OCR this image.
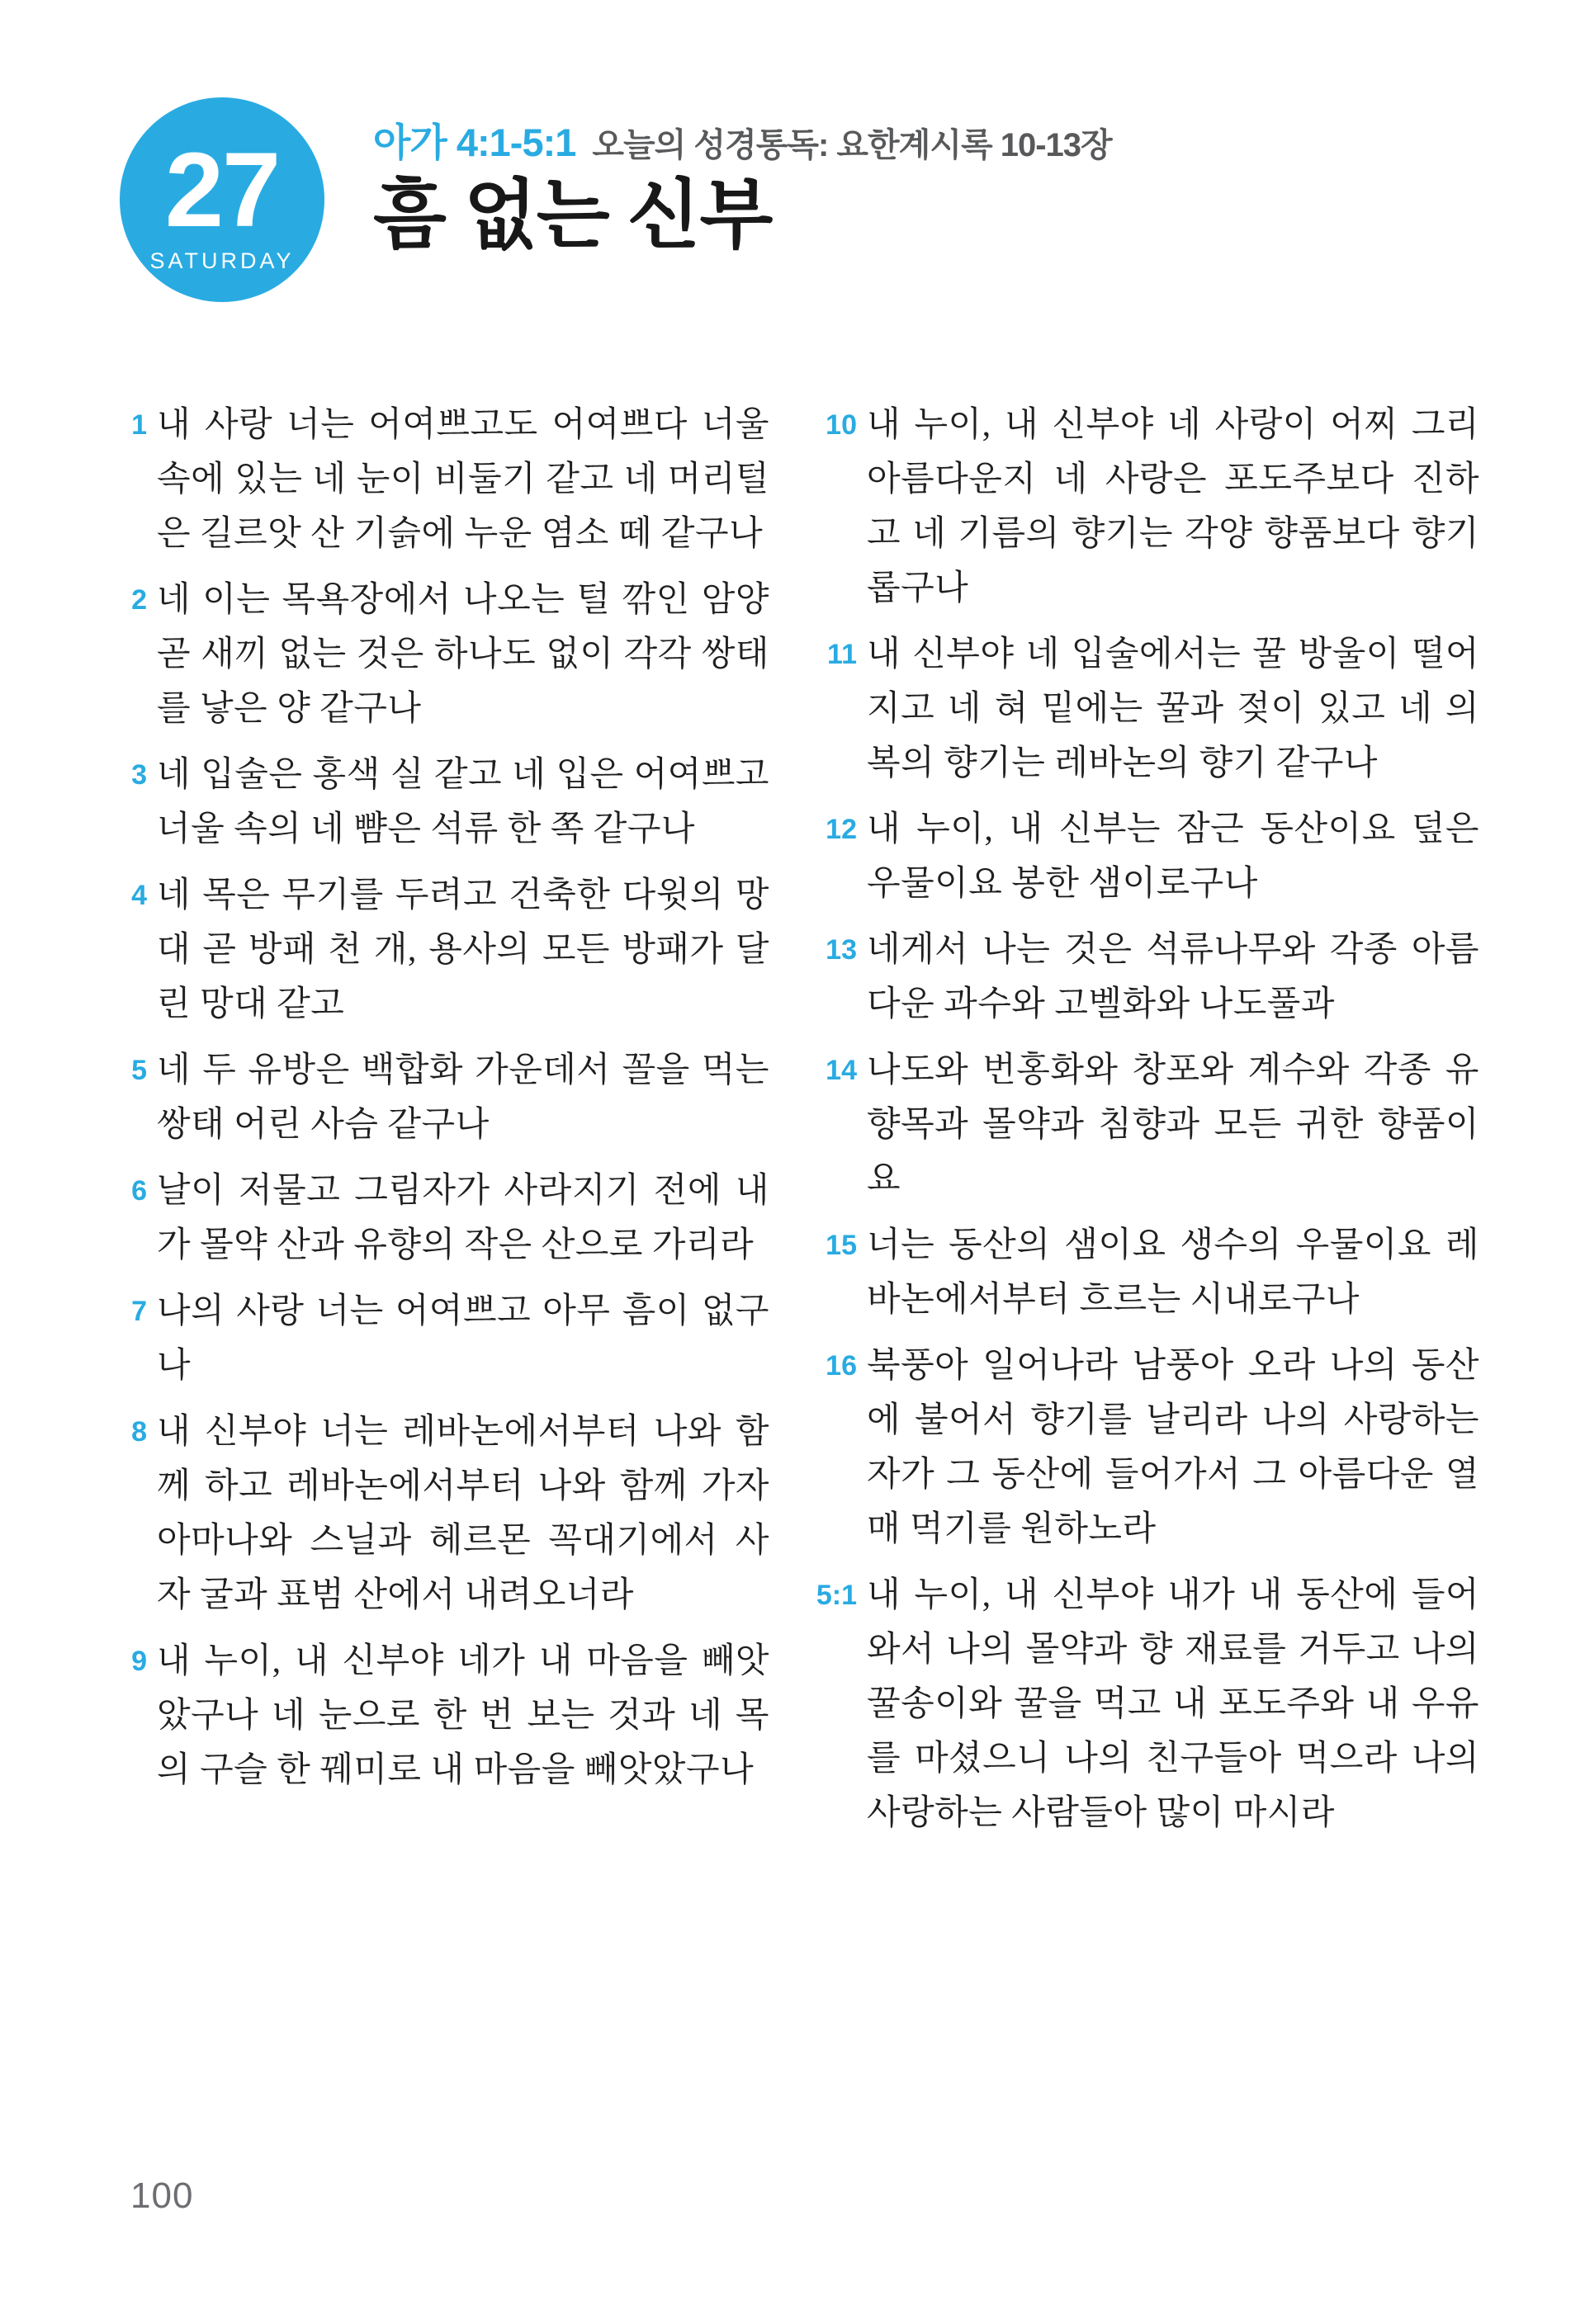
27
SATURDAY
아가 4:1-5:1 오늘의 성경통독: 요한계시록 10-13장
흠 없는 신부
1 내 사랑 너는 어여쁘고도 어여쁘다 너울 속에 있는 네 눈이 비둘기 같고 네 머리털은 길르앗 산 기슭에 누운 염소 떼 같구나
2 네 이는 목욕장에서 나오는 털 깎인 암양 곧 새끼 없는 것은 하나도 없이 각각 쌍태를 낳은 양 같구나
3 네 입술은 홍색 실 같고 네 입은 어여쁘고 너울 속의 네 뺨은 석류 한 쪽 같구나
4 네 목은 무기를 두려고 건축한 다윗의 망대 곧 방패 천 개, 용사의 모든 방패가 달린 망대 같고
5 네 두 유방은 백합화 가운데서 꼴을 먹는 쌍태 어린 사슴 같구나
6 날이 저물고 그림자가 사라지기 전에 내가 몰약 산과 유향의 작은 산으로 가리라
7 나의 사랑 너는 어여쁘고 아무 흠이 없구나
8 내 신부야 너는 레바논에서부터 나와 함께 하고 레바논에서부터 나와 함께 가자 아마나와 스닐과 헤르몬 꼭대기에서 사자 굴과 표범 산에서 내려오너라
9 내 누이, 내 신부야 네가 내 마음을 빼앗았구나 네 눈으로 한 번 보는 것과 네 목의 구슬 한 꿰미로 내 마음을 빼앗았구나
10 내 누이, 내 신부야 네 사랑이 어찌 그리 아름다운지 네 사랑은 포도주보다 진하고 네 기름의 향기는 각양 향품보다 향기롭구나
11 내 신부야 네 입술에서는 꿀 방울이 떨어지고 네 혀 밑에는 꿀과 젖이 있고 네 의복의 향기는 레바논의 향기 같구나
12 내 누이, 내 신부는 잠근 동산이요 덮은 우물이요 봉한 샘이로구나
13 네게서 나는 것은 석류나무와 각종 아름다운 과수와 고벨화와 나도풀과
14 나도와 번홍화와 창포와 계수와 각종 유향목과 몰약과 침향과 모든 귀한 향품이요
15 너는 동산의 샘이요 생수의 우물이요 레바논에서부터 흐르는 시내로구나
16 북풍아 일어나라 남풍아 오라 나의 동산에 불어서 향기를 날리라 나의 사랑하는 자가 그 동산에 들어가서 그 아름다운 열매 먹기를 원하노라
5:1 내 누이, 내 신부야 내가 내 동산에 들어와서 나의 몰약과 향 재료를 거두고 나의 꿀송이와 꿀을 먹고 내 포도주와 내 우유를 마셨으니 나의 친구들아 먹으라 나의 사랑하는 사람들아 많이 마시라
100
